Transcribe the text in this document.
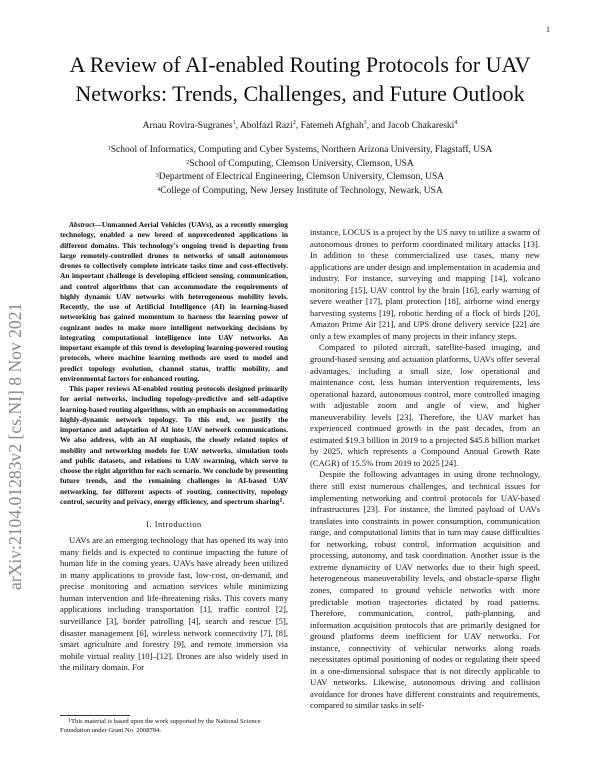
1
arXiv:2104.01283v2 [cs.NI] 8 Nov 2021
A Review of AI-enabled Routing Protocols for UAV
Networks: Trends, Challenges, and Future Outlook
Arnau Rovira-Sugranes$^1$, Abolfazl Razi$^2$, Fatemeh Afghah$^3$, and Jacob Chakareski$^4$
$^1$School of Informatics, Computing and Cyber Systems, Northern Arizona University, Flagstaff, USA
$^2$School of Computing, Clemson University, Clemson, USA
$^3$Department of Electrical Engineering, Clemson University, Clemson, USA
$^4$College of Computing, New Jersey Institute of Technology, Newark, USA

Abstract—Unmanned Aerial Vehicles (UAVs), as a recently emerging technology, enabled a new breed of unprecedented applications in different domains. This technology's ongoing trend is departing from large remotely-controlled drones to networks of small autonomous drones to collectively complete intricate tasks time and cost-effectively. An important challenge is developing efficient sensing, communication, and control algorithms that can accommodate the requirements of highly dynamic UAV networks with heterogeneous mobility levels. Recently, the use of Artificial Intelligence (AI) in learning-based networking has gained momentum to harness the learning power of cognizant nodes to make more intelligent networking decisions by integrating computational intelligence into UAV networks. An important example of this trend is developing learning-powered routing protocols, where machine learning methods are used to model and predict topology evolution, channel status, traffic mobility, and environmental factors for enhanced routing.

This paper reviews AI-enabled routing protocols designed primarily for aerial networks, including topology-predictive and self-adaptive learning-based routing algorithms, with an emphasis on accommodating highly-dynamic network topology. To this end, we justify the importance and adaptation of AI into UAV network communications. We also address, with an AI emphasis, the closely related topics of mobility and networking models for UAV networks, simulation tools and public datasets, and relations to UAV swarming, which serve to choose the right algorithm for each scenario. We conclude by presenting future trends, and the remaining challenges in AI-based UAV networking, for different aspects of routing, connectivity, topology control, security and privacy, energy efficiency, and spectrum sharing$^1$.

I. Introduction

UAVs are an emerging technology that has opened its way into many fields and is expected to continue impacting the future of human life in the coming years. UAVs have already been utilized in many applications to provide fast, low-cost, on-demand, and precise monitoring and actuation services while minimizing human intervention and life-threatening risks. This covers many applications including transportation [1], traffic control [2], surveillance [3], border patrolling [4], search and rescue [5], disaster management [6], wireless network connectivity [7], [8], smart agriculture and forestry [9], and remote immersion via mobile virtual reality [10]–[12]. Drones are also widely used in the military domain. For

instance, LOCUS is a project by the US navy to utilize a swarm of autonomous drones to perform coordinated military attacks [13]. In addition to these commercialized use cases, many new applications are under design and implementation in academia and industry. For instance, surveying and mapping [14], volcano monitoring [15], UAV control by the brain [16], early warning of severe weather [17], plant protection [18], airborne wind energy harvesting systems [19], robotic herding of a flock of birds [20], Amazon Prime Air [21], and UPS drone delivery service [22] are only a few examples of many projects in their infancy steps.

Compared to piloted aircraft, satellite-based imaging, and ground-based sensing and actuation platforms, UAVs offer several advantages, including a small size, low operational and maintenance cost, less human intervention requirements, less operational hazard, autonomous control, more controlled imaging with adjustable zoom and angle of view, and higher maneuverability levels [23]. Therefore, the UAV market has experienced continued growth in the past decades, from an estimated $19.3 billion in 2019 to a projected $45.8 billion market by 2025, which represents a Compound Annual Growth Rate (CAGR) of 15.5% from 2019 to 2025 [24].

Despite the following advantages in using drone technology, there still exist numerous challenges, and technical issues for implementing networking and control protocols for UAV-based infrastructures [23]. For instance, the limited payload of UAVs translates into constraints in power consumption, communication range, and computational limits that in turn may cause difficulties for networking, robust control, information acquisition and processing, autonomy, and task coordination. Another issue is the extreme dynamicity of UAV networks due to their high speed, heterogeneous maneuverability levels, and obstacle-sparse flight zones, compared to ground vehicle networks with more predictable motion trajectories dictated by road patterns. Therefore, communication, control, path-planning, and information acquisition protocols that are primarily designed for ground platforms deem inefficient for UAV networks. For instance, connectivity of vehicular networks along roads necessitates optimal positioning of nodes or regulating their speed in a one-dimensional subspace that is not directly applicable to UAV networks. Likewise, autonomous driving and collision avoidance for drones have different constraints and requirements, compared to similar tasks in self-

$^1$This material is based upon the work supported by the National Science Foundation under Grant No. 2008784.
